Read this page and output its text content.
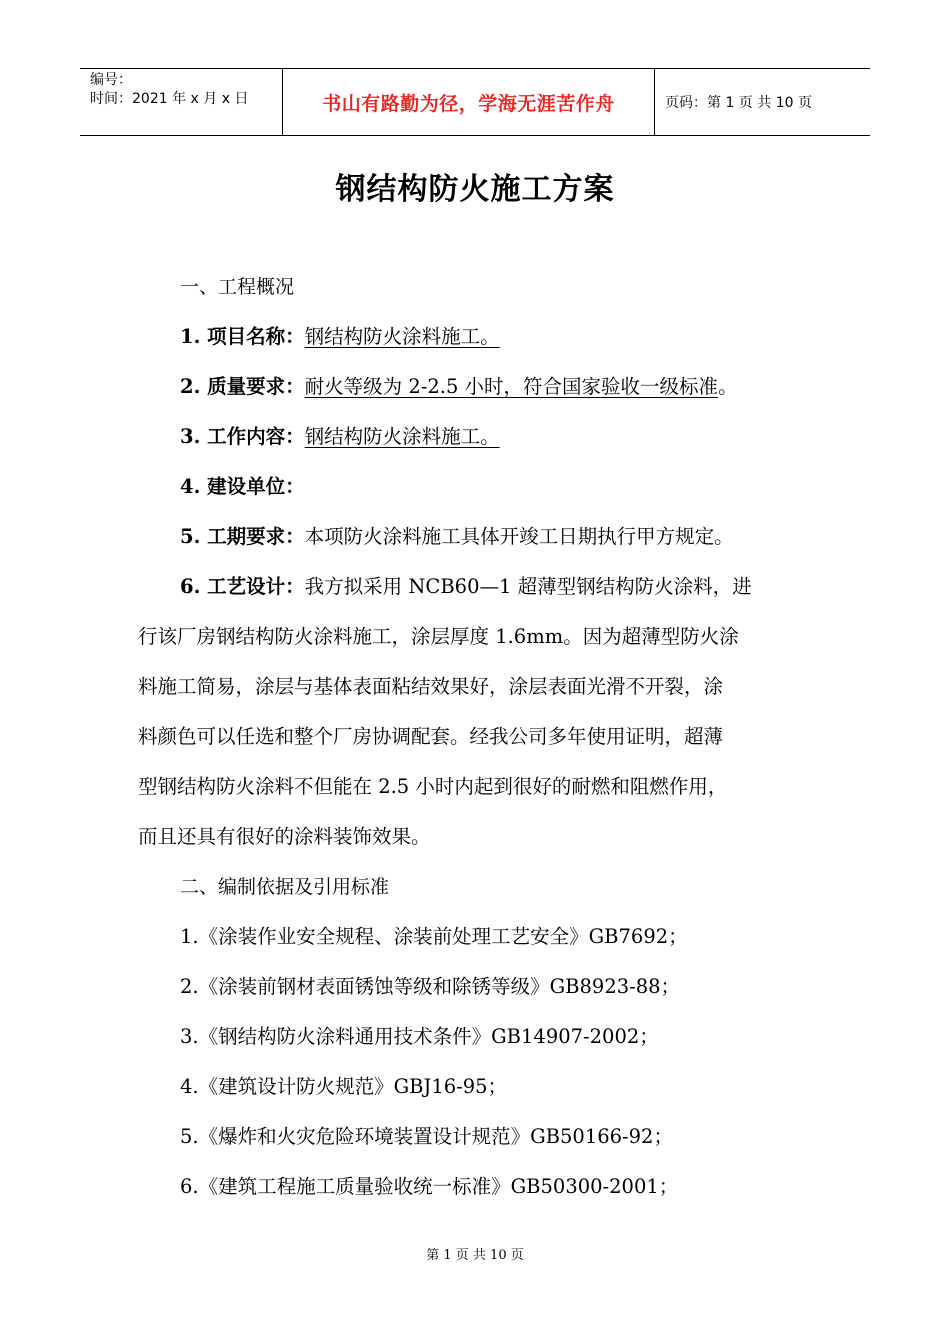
编号：
时间：2021 年 x 月 x 日	书山有路勤为径，学海无涯苦作舟	页码：第 1 页 共 10 页
钢结构防火施工方案
一、工程概况
1. 项目名称：钢结构防火涂料施工。
2. 质量要求：耐火等级为 2-2.5 小时，符合国家验收一级标准。
3. 工作内容：钢结构防火涂料施工。
4. 建设单位：
5. 工期要求：本项防火涂料施工具体开竣工日期执行甲方规定。
6. 工艺设计：我方拟采用 NCB60—1 超薄型钢结构防火涂料，进
行该厂房钢结构防火涂料施工，涂层厚度 1.6mm。因为超薄型防火涂
料施工简易，涂层与基体表面粘结效果好，涂层表面光滑不开裂，涂
料颜色可以任选和整个厂房协调配套。经我公司多年使用证明，超薄
型钢结构防火涂料不但能在 2.5 小时内起到很好的耐燃和阻燃作用，
而且还具有很好的涂料装饰效果。
二、编制依据及引用标准
1.《涂装作业安全规程、涂装前处理工艺安全》GB7692；
2.《涂装前钢材表面锈蚀等级和除锈等级》GB8923-88；
3.《钢结构防火涂料通用技术条件》GB14907-2002；
4.《建筑设计防火规范》GBJ16-95；
5.《爆炸和火灾危险环境装置设计规范》GB50166-92；
6.《建筑工程施工质量验收统一标准》GB50300-2001；
第 1 页 共 10 页
